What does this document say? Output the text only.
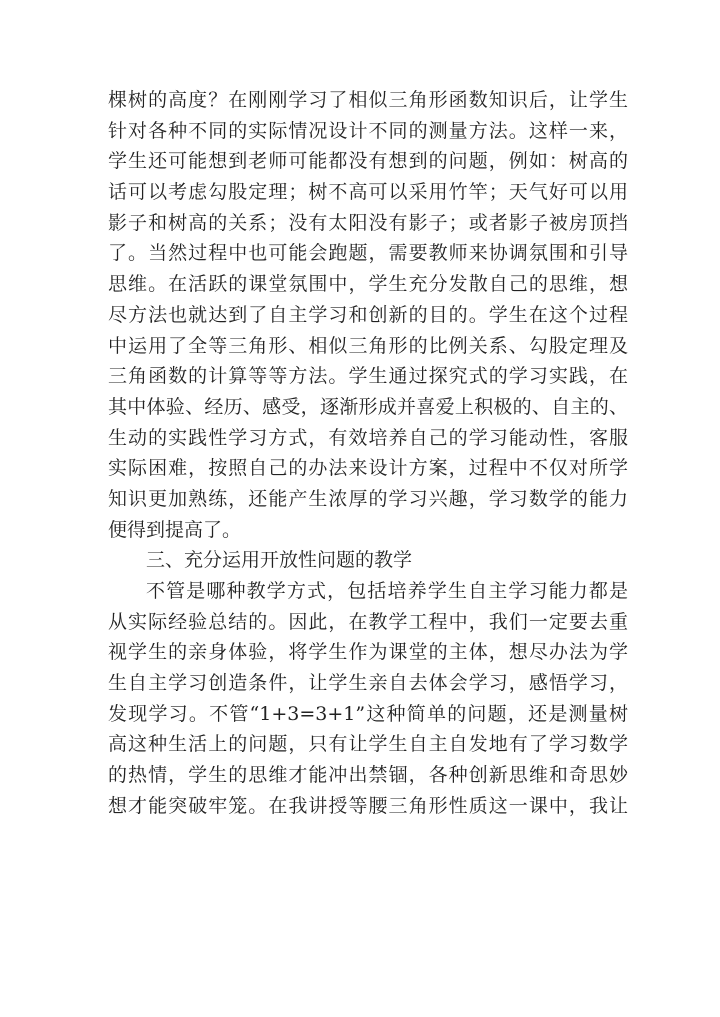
棵树的高度？在刚刚学习了相似三角形函数知识后，让学生
针对各种不同的实际情况设计不同的测量方法。这样一来，
学生还可能想到老师可能都没有想到的问题，例如：树高的
话可以考虑勾股定理；树不高可以采用竹竿；天气好可以用
影子和树高的关系；没有太阳没有影子；或者影子被房顶挡
了。当然过程中也可能会跑题，需要教师来协调氛围和引导
思维。在活跃的课堂氛围中，学生充分发散自己的思维，想
尽方法也就达到了自主学习和创新的目的。学生在这个过程
中运用了全等三角形、相似三角形的比例关系、勾股定理及
三角函数的计算等等方法。学生通过探究式的学习实践，在
其中体验、经历、感受，逐渐形成并喜爱上积极的、自主的、
生动的实践性学习方式，有效培养自己的学习能动性，客服
实际困难，按照自己的办法来设计方案，过程中不仅对所学
知识更加熟练，还能产生浓厚的学习兴趣，学习数学的能力
便得到提高了。
三、充分运用开放性问题的教学
不管是哪种教学方式，包括培养学生自主学习能力都是
从实际经验总结的。因此，在教学工程中，我们一定要去重
视学生的亲身体验，将学生作为课堂的主体，想尽办法为学
生自主学习创造条件，让学生亲自去体会学习，感悟学习，
发现学习。不管“1+3=3+1”这种简单的问题，还是测量树
高这种生活上的问题，只有让学生自主自发地有了学习数学
的热情，学生的思维才能冲出禁锢，各种创新思维和奇思妙
想才能突破牢笼。在我讲授等腰三角形性质这一课中，我让
